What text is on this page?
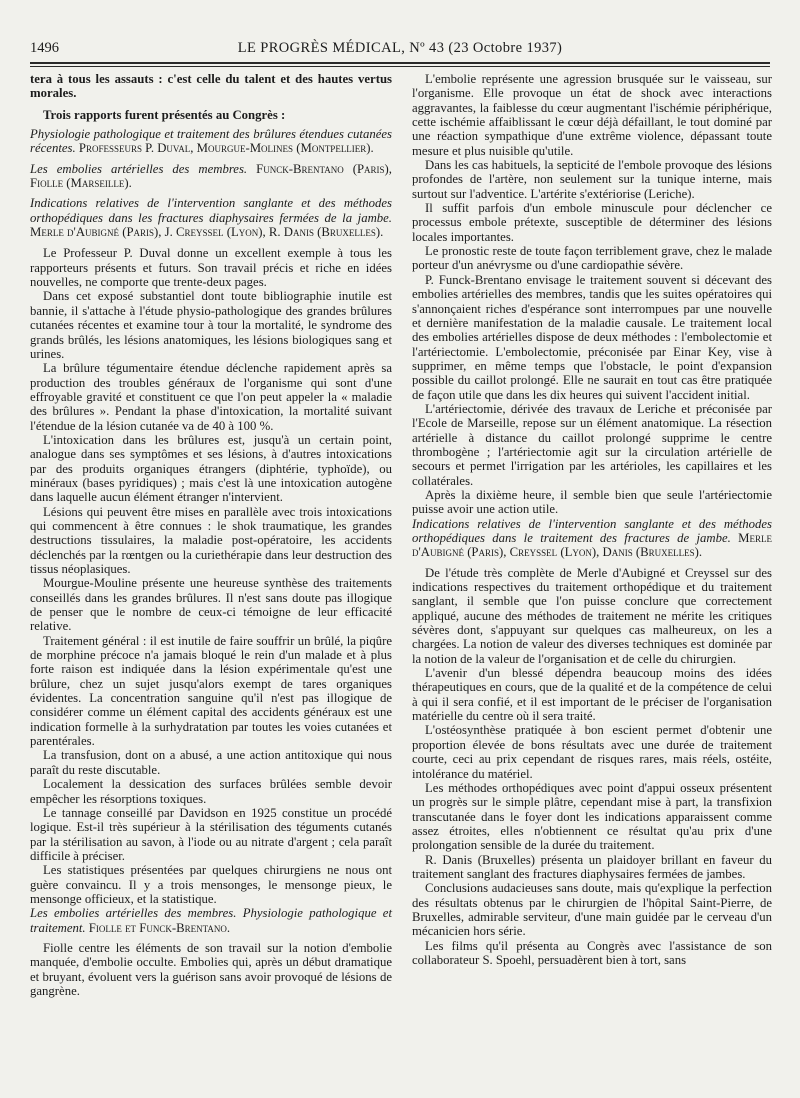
1496	LE PROGRÈS MÉDICAL, Nº 43 (23 Octobre 1937)

tera à tous les assauts : c'est celle du talent et des hautes vertus morales.

Trois rapports furent présentés au Congrès :

Physiologie pathologique et traitement des brûlures étendues cutanées récentes. Professeurs P. Duval, Mourgue-Molines (Montpellier).

Les embolies artérielles des membres. Funck-Brentano (Paris), Fiolle (Marseille).

Indications relatives de l'intervention sanglante et des méthodes orthopédiques dans les fractures diaphysaires fermées de la jambe. Merle d'Aubigné (Paris), J. Creyssel (Lyon), R. Danis (Bruxelles).

Le Professeur P. Duval donne un excellent exemple à tous les rapporteurs présents et futurs. Son travail précis et riche en idées nouvelles, ne comporte que trente-deux pages.

Dans cet exposé substantiel dont toute bibliographie inutile est bannie, il s'attache à l'étude physio-pathologique des grandes brûlures cutanées récentes et examine tour à tour la mortalité, le syndrome des grands brûlés, les lésions anatomiques, les lésions biologiques sang et urines.

La brûlure tégumentaire étendue déclenche rapidement après sa production des troubles généraux de l'organisme qui sont d'une effroyable gravité et constituent ce que l'on peut appeler la « maladie des brûlures ». Pendant la phase d'intoxication, la mortalité suivant l'étendue de la lésion cutanée va de 40 à 100 %.

L'intoxication dans les brûlures est, jusqu'à un certain point, analogue dans ses symptômes et ses lésions, à d'autres intoxications par des produits organiques étrangers (diphtérie, typhoïde), ou minéraux (bases pyridiques) ; mais c'est là une intoxication autogène dans laquelle aucun élément étranger n'intervient.

Lésions qui peuvent être mises en parallèle avec trois intoxications qui commencent à être connues : le shok traumatique, les grandes destructions tissulaires, la maladie post-opératoire, les accidents déclenchés par la rœntgen ou la curiethérapie dans leur destruction des tissus néoplasiques.

Mourgue-Mouline présente une heureuse synthèse des traitements conseillés dans les grandes brûlures. Il n'est sans doute pas illogique de penser que le nombre de ceux-ci témoigne de leur efficacité relative.

Traitement général : il est inutile de faire souffrir un brûlé, la piqûre de morphine précoce n'a jamais bloqué le rein d'un malade et à plus forte raison est indiquée dans la lésion expérimentale qu'est une brûlure, chez un sujet jusqu'alors exempt de tares organiques évidentes. La concentration sanguine qu'il n'est pas illogique de considérer comme un élément capital des accidents généraux est une indication formelle à la surhydratation par toutes les voies cutanées et parentérales.

La transfusion, dont on a abusé, a une action antitoxique qui nous paraît du reste discutable.

Localement la dessication des surfaces brûlées semble devoir empêcher les résorptions toxiques.

Le tannage conseillé par Davidson en 1925 constitue un procédé logique. Est-il très supérieur à la stérilisation des téguments cutanés par la stérilisation au savon, à l'iode ou au nitrate d'argent ; cela paraît difficile à préciser.

Les statistiques présentées par quelques chirurgiens ne nous ont guère convaincu. Il y a trois mensonges, le mensonge pieux, le mensonge officieux, et la statistique.

Les embolies artérielles des membres. Physiologie pathologique et traitement. Fiolle et Funck-Brentano.

Fiolle centre les éléments de son travail sur la notion d'embolie manquée, d'embolie occulte. Embolies qui, après un début dramatique et bruyant, évoluent vers la guérison sans avoir provoqué de lésions de gangrène.

L'embolie représente une agression brusquée sur le vaisseau, sur l'organisme. Elle provoque un état de shock avec interactions aggravantes, la faiblesse du cœur augmentant l'ischémie périphérique, cette ischémie affaiblissant le cœur déjà défaillant, le tout dominé par une réaction sympathique d'une extrême violence, dépassant toute mesure et plus nuisible qu'utile.

Dans les cas habituels, la septicité de l'embole provoque des lésions profondes de l'artère, non seulement sur la tunique interne, mais surtout sur l'adventice. L'artérite s'extériorise (Leriche).

Il suffit parfois d'un embole minuscule pour déclencher ce processus embole prétexte, susceptible de déterminer des lésions locales importantes.

Le pronostic reste de toute façon terriblement grave, chez le malade porteur d'un anévrysme ou d'une cardiopathie sévère.

P. Funck-Brentano envisage le traitement souvent si décevant des embolies artérielles des membres, tandis que les suites opératoires qui s'annonçaient riches d'espérance sont interrompues par une nouvelle et dernière manifestation de la maladie causale. Le traitement local des embolies artérielles dispose de deux méthodes : l'embolectomie et l'artériectomie. L'embolectomie, préconisée par Einar Key, vise à supprimer, en même temps que l'obstacle, le point d'expansion possible du caillot prolongé. Elle ne saurait en tout cas être pratiquée de façon utile que dans les dix heures qui suivent l'accident initial.

L'artériectomie, dérivée des travaux de Leriche et préconisée par l'Ecole de Marseille, repose sur un élément anatomique. La résection artérielle à distance du caillot prolongé supprime le centre thrombogène ; l'artériectomie agit sur la circulation artérielle de secours et permet l'irrigation par les artérioles, les capillaires et les collatérales.

Après la dixième heure, il semble bien que seule l'artériectomie puisse avoir une action utile.

Indications relatives de l'intervention sanglante et des méthodes orthopédiques dans le traitement des fractures de jambe. Merle d'Aubigné (Paris), Creyssel (Lyon), Danis (Bruxelles).

De l'étude très complète de Merle d'Aubigné et Creyssel sur des indications respectives du traitement orthopédique et du traitement sanglant, il semble que l'on puisse conclure que correctement appliqué, aucune des méthodes de traitement ne mérite les critiques sévères dont, s'appuyant sur quelques cas malheureux, on les a chargées. La notion de valeur des diverses techniques est dominée par la notion de la valeur de l'organisation et de celle du chirurgien.

L'avenir d'un blessé dépendra beaucoup moins des idées thérapeutiques en cours, que de la qualité et de la compétence de celui à qui il sera confié, et il est important de le préciser de l'organisation matérielle du centre où il sera traité.

L'ostéosynthèse pratiquée à bon escient permet d'obtenir une proportion élevée de bons résultats avec une durée de traitement courte, ceci au prix cependant de risques rares, mais réels, ostéite, intolérance du matériel.

Les méthodes orthopédiques avec point d'appui osseux présentent un progrès sur le simple plâtre, cependant mise à part, la transfixion transcutanée dans le foyer dont les indications apparaissent comme assez étroites, elles n'obtiennent ce résultat qu'au prix d'une prolongation sensible de la durée du traitement.

R. Danis (Bruxelles) présenta un plaidoyer brillant en faveur du traitement sanglant des fractures diaphysaires fermées de jambes.

Conclusions audacieuses sans doute, mais qu'explique la perfection des résultats obtenus par le chirurgien de l'hôpital Saint-Pierre, de Bruxelles, admirable serviteur, d'une main guidée par le cerveau d'un mécanicien hors série.

Les films qu'il présenta au Congrès avec l'assistance de son collaborateur S. Spoehl, persuadèrent bien à tort, sans
